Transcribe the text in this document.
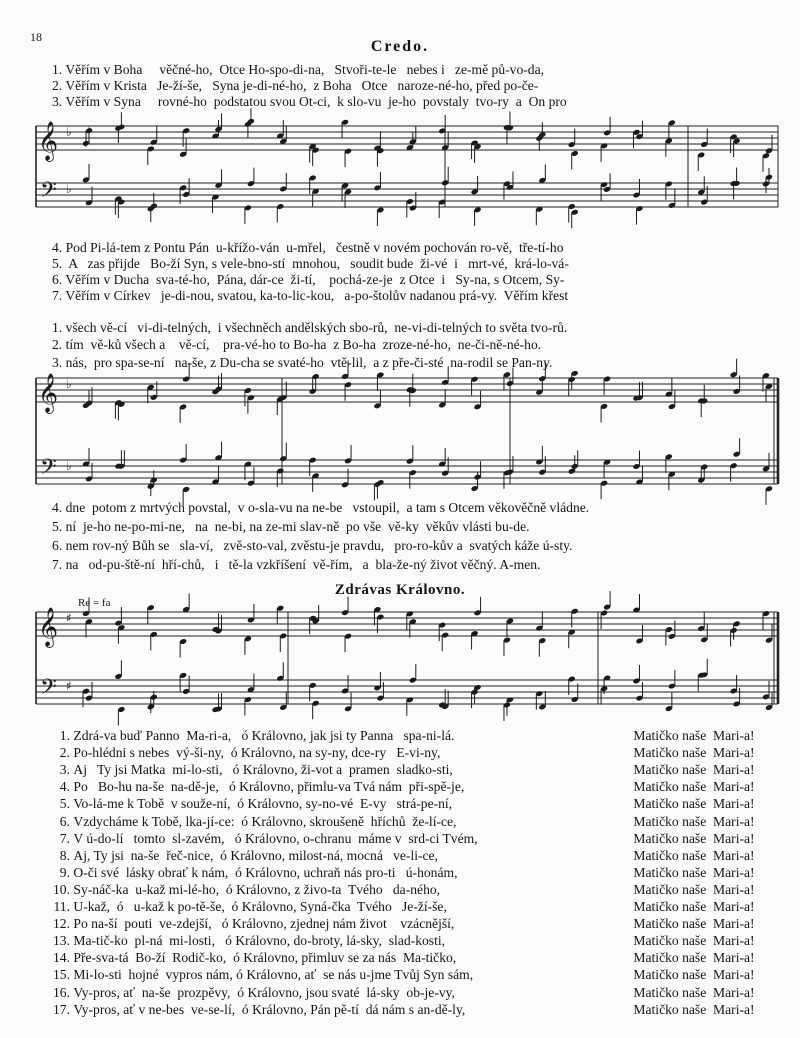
18
Credo.
1. Věřím v Boha     věčné-ho,  Otce Ho-spo-di-na,   Stvoři-te-le   nebes i   ze-mě pů-vo-da,
2. Věřím v Krista   Je-ží-še,   Syna je-di-né-ho,  z Boha   Otce   naroze-né-ho, před po-če-
3. Věřím v Syna     rovné-ho  podstatou svou Ot-ci,  k slo-vu  je-ho  povstaly  tvo-ry  a  On pro
𝄞
𝄢
♭
♭
𝄞
𝄢
♭
♭
𝄞
𝄢
♯
♯
4. Pod Pi-lá-tem z Pontu Pán  u-křížo-ván  u-mřel,   čestně v novém pochován ro-vě,  tře-tí-ho
5.  A   zas přijde   Bo-ží Syn, s vele-bno-stí  mnohou,   soudit bude  ži-vé  i   mrt-vé,  krá-lo-vá-
6. Věřím v Ducha  sva-té-ho,  Pána, dár-ce  ži-tí,    pochá-ze-je  z Otce  i   Sy-na, s Otcem, Sy-
7. Věřím v Církev   je-di-nou, svatou, ka-to-lic-kou,   a-po-štolův nadanou prá-vy.  Věřím křest
1. všech vě-cí   vi-di-telných,  i všechněch andělských sbo-rů,  ne-vi-di-telných to světa tvo-rů.
2. tím  vě-ků všech a    vě-cí,    pra-vé-ho to Bo-ha  z Bo-ha  zroze-né-ho,  ne-či-ně-né-ho.
3. nás,  pro spa-se-ní   na-še, z Du-cha se svaté-ho  vtě-lil,  a z pře-či-sté  na-rodil se Pan-ny.
4. dne  potom z mrtvých povstal,  v o-sla-vu na ne-be   vstoupil,  a tam s Otcem věkověčně vládne.
5. ní  je-ho ne-po-mi-ne,   na  ne-bi, na ze-mi slav-ně  po vše  vě-ky  věkův vlásti bu-de.
6. nem rov-ný Bůh se   sla-ví,   zvě-sto-val, zvěstu-je pravdu,   pro-ro-kův a  svatých káže ú-sty.
7. na   od-pu-ště-ní  hří-chů,   i   tě-la vzkříšení  vě-řím,   a  bla-že-ný život věčný. A-men.
Zdrávas Královno.
Re = fa
1. Zdrá-va buď Panno  Ma-ri-a,   ó Královno, jak jsi ty Panna   spa-ni-lá.	Matičko naše  Mari-a!
2. Po-hlédni s nebes  vý-ši-ny,  ó Královno, na sy-ny, dce-ry   E-vi-ny,	Matičko naše  Mari-a!
3. Aj   Ty jsi Matka  mi-lo-sti,   ó Královno, ži-vot a  pramen  sladko-sti,	Matičko naše  Mari-a!
4. Po   Bo-hu na-še  na-dě-je,   ó Královno, přimlu-va Tvá nám  při-spě-je,	Matičko naše  Mari-a!
5. Vo-lá-me k Tobě  v souže-ní,  ó Královno, sy-no-vé  E-vy   strá-pe-ní,	Matičko naše  Mari-a!
6. Vzdycháme k Tobě, lka-jí-ce:  ó Královno, skroušeně  hříchů  že-lí-ce,	Matičko naše  Mari-a!
7. V ú-do-lí   tomto  sl-zavém,   ó Královno, o-chranu  máme v  srd-ci Tvém,	Matičko naše  Mari-a!
8. Aj, Ty jsi  na-še  řeč-nice,  ó Královno, milost-ná, mocná   ve-li-ce,	Matičko naše  Mari-a!
9. O-či své  lásky obrať k nám,  ó Královno, uchraň nás pro-ti   ú-honám,	Matičko naše  Mari-a!
10. Sy-náč-ka  u-kaž mi-lé-ho,  ó Královno, z živo-ta  Tvého   da-ného,	Matičko naše  Mari-a!
11. U-kaž,  ó   u-kaž k po-tě-še,  ó Královno, Syná-čka  Tvého   Je-ží-še,	Matičko naše  Mari-a!
12. Po na-ší  pouti  ve-zdejší,   ó Královno, zjednej nám život    vzácnější,	Matičko naše  Mari-a!
13. Ma-tič-ko  pl-ná  mi-losti,   ó Královno, do-broty, lá-sky,  slad-kosti,	Matičko naše  Mari-a!
14. Pře-sva-tá  Bo-ží  Rodič-ko,  ó Královno, přimluv se za nás  Ma-tičko,	Matičko naše  Mari-a!
15. Mi-lo-sti  hojné  vypros nám, ó Královno, ať  se nás u-jme Tvůj Syn sám,	Matičko naše  Mari-a!
16. Vy-pros, ať  na-še  prozpěvy,  ó Královno, jsou svaté  lá-sky  ob-je-vy,	Matičko naše  Mari-a!
17. Vy-pros, ať v ne-bes  ve-se-lí,  ó Královno, Pán pě-tí  dá nám s an-dě-ly,	Matičko naše  Mari-a!
